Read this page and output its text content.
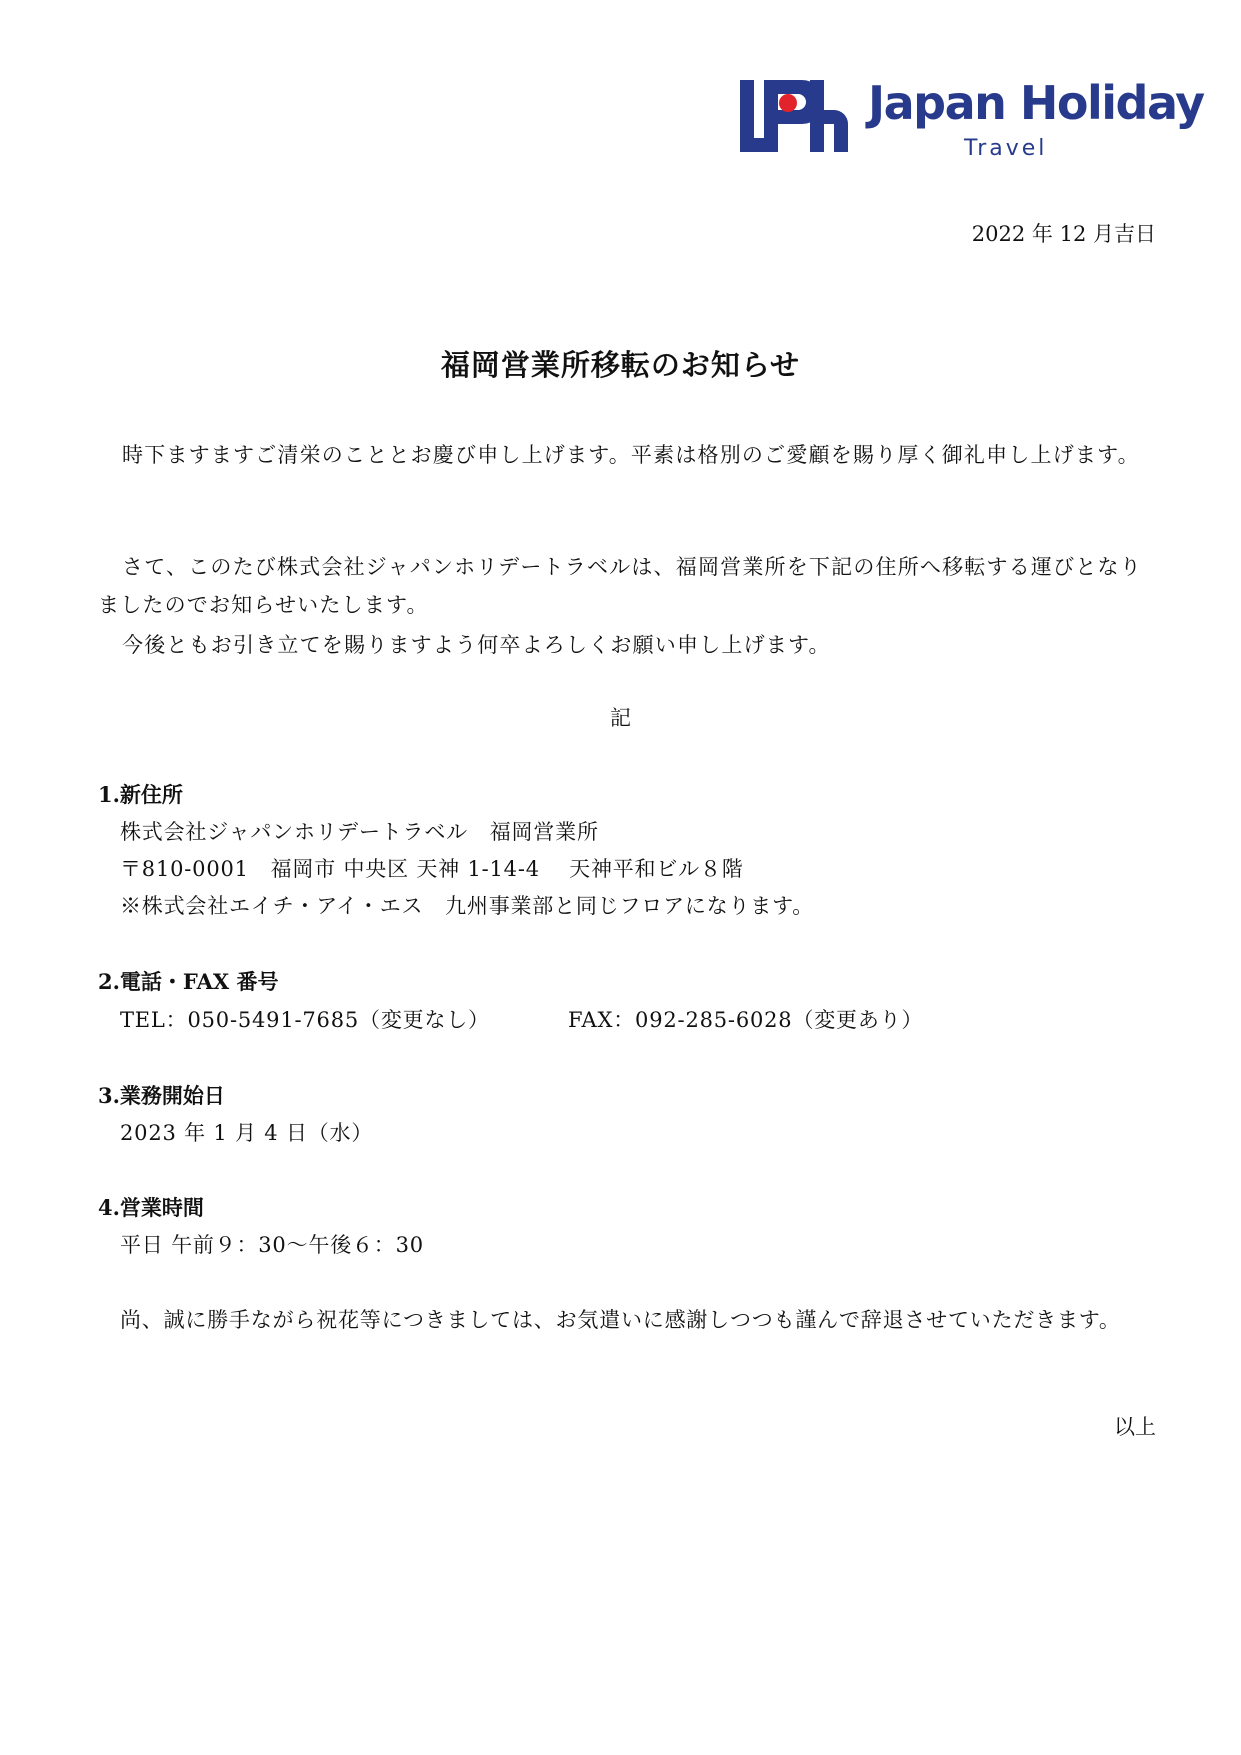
Japan Holiday
Travel
2022 年 12 月吉日
福岡営業所移転のお知らせ
時下ますますご清栄のこととお慶び申し上げます。平素は格別のご愛顧を賜り厚く御礼申し上げます。
さて、このたび株式会社ジャパンホリデートラベルは、福岡営業所を下記の住所へ移転する運びとなりましたのでお知らせいたします。
今後ともお引き立てを賜りますよう何卒よろしくお願い申し上げます。
記
1.新住所
株式会社ジャパンホリデートラベル　福岡営業所
〒810-0001　福岡市 中央区 天神 1-14-4　 天神平和ビル８階
※株式会社エイチ・アイ・エス　九州事業部と同じフロアになります。
2.電話・FAX 番号
TEL：050-5491-7685（変更なし）	FAX：092-285-6028（変更あり）
3.業務開始日
2023 年 1 月 4 日（水）
4.営業時間
平日 午前９：30～午後６：30
尚、誠に勝手ながら祝花等につきましては、お気遣いに感謝しつつも謹んで辞退させていただきます。
以上
